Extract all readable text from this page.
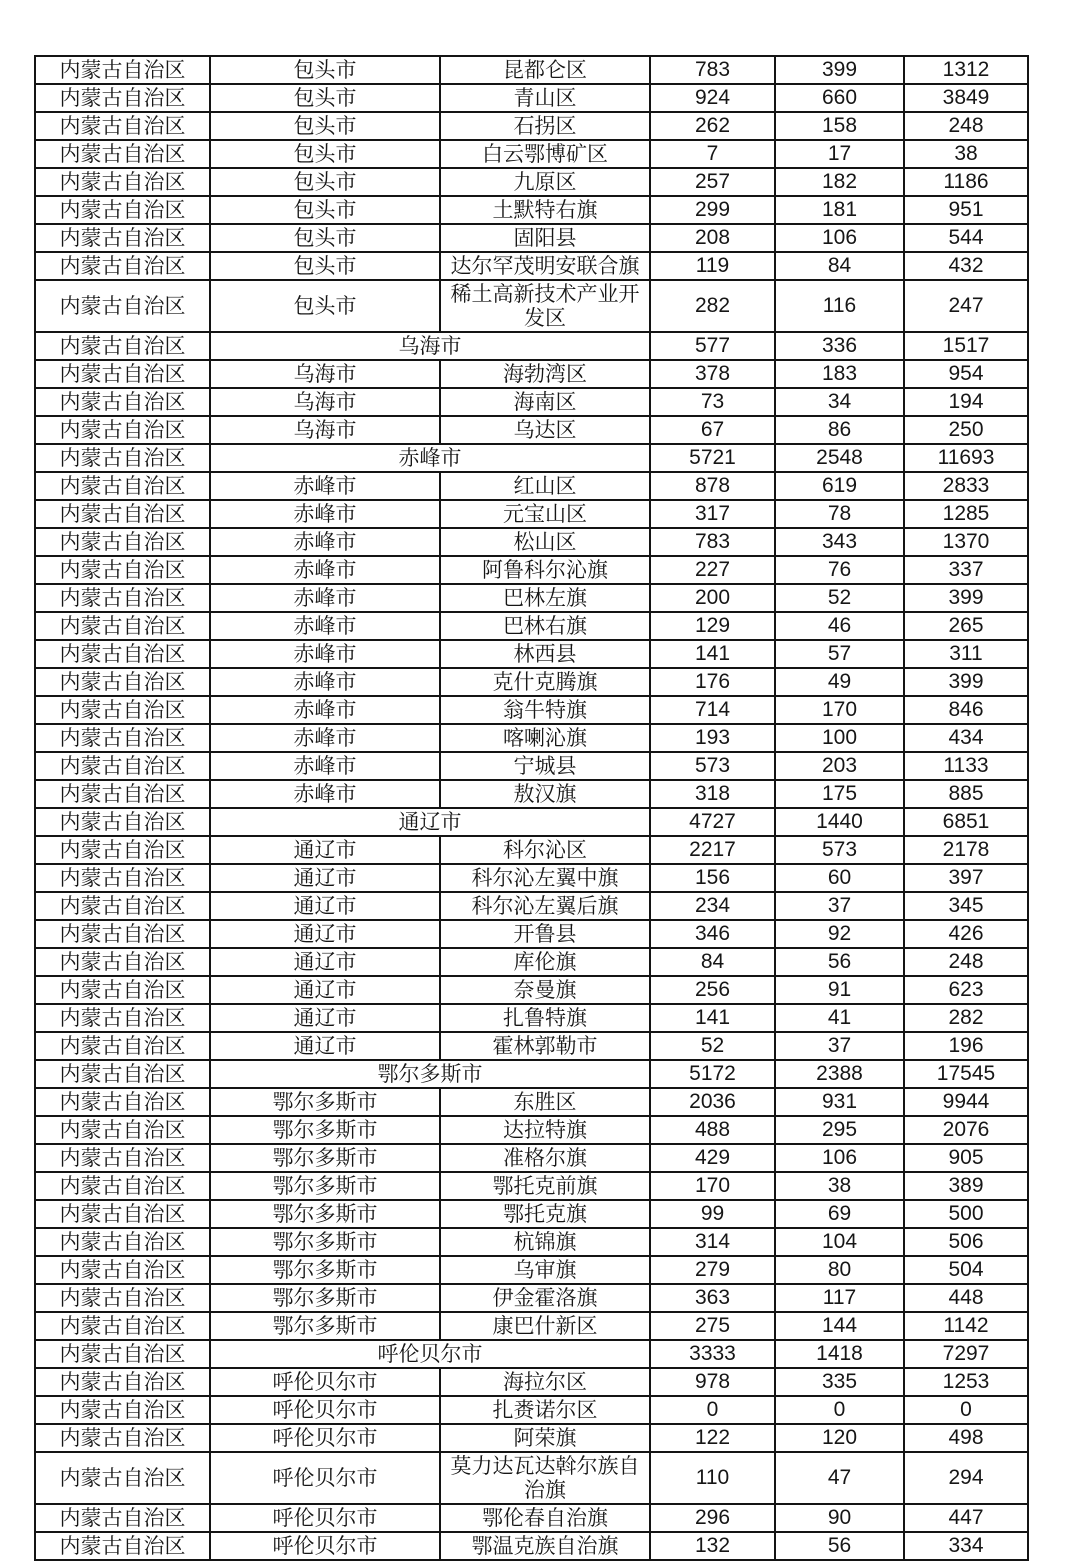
内蒙古自治区	包头市	昆都仑区	783	399	1312
内蒙古自治区	包头市	青山区	924	660	3849
内蒙古自治区	包头市	石拐区	262	158	248
内蒙古自治区	包头市	白云鄂博矿区	7	17	38
内蒙古自治区	包头市	九原区	257	182	1186
内蒙古自治区	包头市	土默特右旗	299	181	951
内蒙古自治区	包头市	固阳县	208	106	544
内蒙古自治区	包头市	达尔罕茂明安联合旗	119	84	432
内蒙古自治区	包头市	稀土高新技术产业开发区	282	116	247
内蒙古自治区	乌海市		577	336	1517
内蒙古自治区	乌海市	海勃湾区	378	183	954
内蒙古自治区	乌海市	海南区	73	34	194
内蒙古自治区	乌海市	乌达区	67	86	250
内蒙古自治区	赤峰市		5721	2548	11693
内蒙古自治区	赤峰市	红山区	878	619	2833
内蒙古自治区	赤峰市	元宝山区	317	78	1285
内蒙古自治区	赤峰市	松山区	783	343	1370
内蒙古自治区	赤峰市	阿鲁科尔沁旗	227	76	337
内蒙古自治区	赤峰市	巴林左旗	200	52	399
内蒙古自治区	赤峰市	巴林右旗	129	46	265
内蒙古自治区	赤峰市	林西县	141	57	311
内蒙古自治区	赤峰市	克什克腾旗	176	49	399
内蒙古自治区	赤峰市	翁牛特旗	714	170	846
内蒙古自治区	赤峰市	喀喇沁旗	193	100	434
内蒙古自治区	赤峰市	宁城县	573	203	1133
内蒙古自治区	赤峰市	敖汉旗	318	175	885
内蒙古自治区	通辽市		4727	1440	6851
内蒙古自治区	通辽市	科尔沁区	2217	573	2178
内蒙古自治区	通辽市	科尔沁左翼中旗	156	60	397
内蒙古自治区	通辽市	科尔沁左翼后旗	234	37	345
内蒙古自治区	通辽市	开鲁县	346	92	426
内蒙古自治区	通辽市	库伦旗	84	56	248
内蒙古自治区	通辽市	奈曼旗	256	91	623
内蒙古自治区	通辽市	扎鲁特旗	141	41	282
内蒙古自治区	通辽市	霍林郭勒市	52	37	196
内蒙古自治区	鄂尔多斯市		5172	2388	17545
内蒙古自治区	鄂尔多斯市	东胜区	2036	931	9944
内蒙古自治区	鄂尔多斯市	达拉特旗	488	295	2076
内蒙古自治区	鄂尔多斯市	准格尔旗	429	106	905
内蒙古自治区	鄂尔多斯市	鄂托克前旗	170	38	389
内蒙古自治区	鄂尔多斯市	鄂托克旗	99	69	500
内蒙古自治区	鄂尔多斯市	杭锦旗	314	104	506
内蒙古自治区	鄂尔多斯市	乌审旗	279	80	504
内蒙古自治区	鄂尔多斯市	伊金霍洛旗	363	117	448
内蒙古自治区	鄂尔多斯市	康巴什新区	275	144	1142
内蒙古自治区	呼伦贝尔市		3333	1418	7297
内蒙古自治区	呼伦贝尔市	海拉尔区	978	335	1253
内蒙古自治区	呼伦贝尔市	扎赉诺尔区	0	0	0
内蒙古自治区	呼伦贝尔市	阿荣旗	122	120	498
内蒙古自治区	呼伦贝尔市	莫力达瓦达斡尔族自治旗	110	47	294
内蒙古自治区	呼伦贝尔市	鄂伦春自治旗	296	90	447
内蒙古自治区	呼伦贝尔市	鄂温克族自治旗	132	56	334
